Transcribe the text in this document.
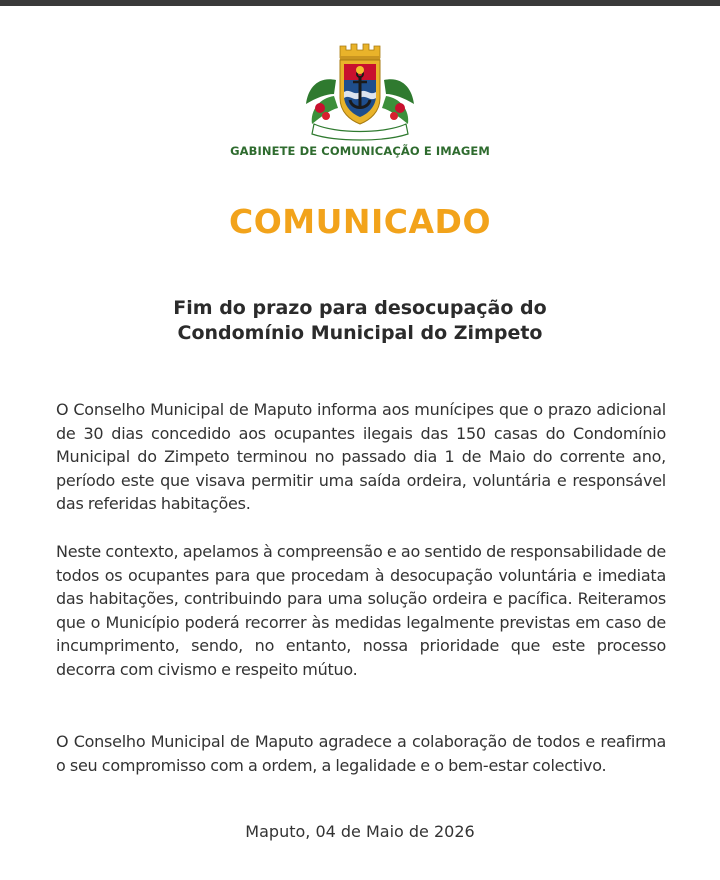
GABINETE DE COMUNICAÇÃO E IMAGEM
COMUNICADO
Fim do prazo para desocupação do
Condomínio Municipal do Zimpeto

O Conselho Municipal de Maputo informa aos munícipes que o prazo adicional de 30 dias concedido aos ocupantes ilegais das 150 casas do Condomínio Municipal do Zimpeto terminou no passado dia 1 de Maio do corrente ano, período este que visava permitir uma saída ordeira, voluntária e responsável das referidas habitações.

Neste contexto, apelamos à compreensão e ao sentido de responsabilidade de todos os ocupantes para que procedam à desocupação voluntária e imediata das habitações, contribuindo para uma solução ordeira e pacífica. Reiteramos que o Município poderá recorrer às medidas legalmente previstas em caso de incumprimento, sendo, no entanto, nossa prioridade que este processo decorra com civismo e respeito mútuo.

O Conselho Municipal de Maputo agradece a colaboração de todos e reafirma o seu compromisso com a ordem, a legalidade e o bem-estar colectivo.

Maputo, 04 de Maio de 2026
